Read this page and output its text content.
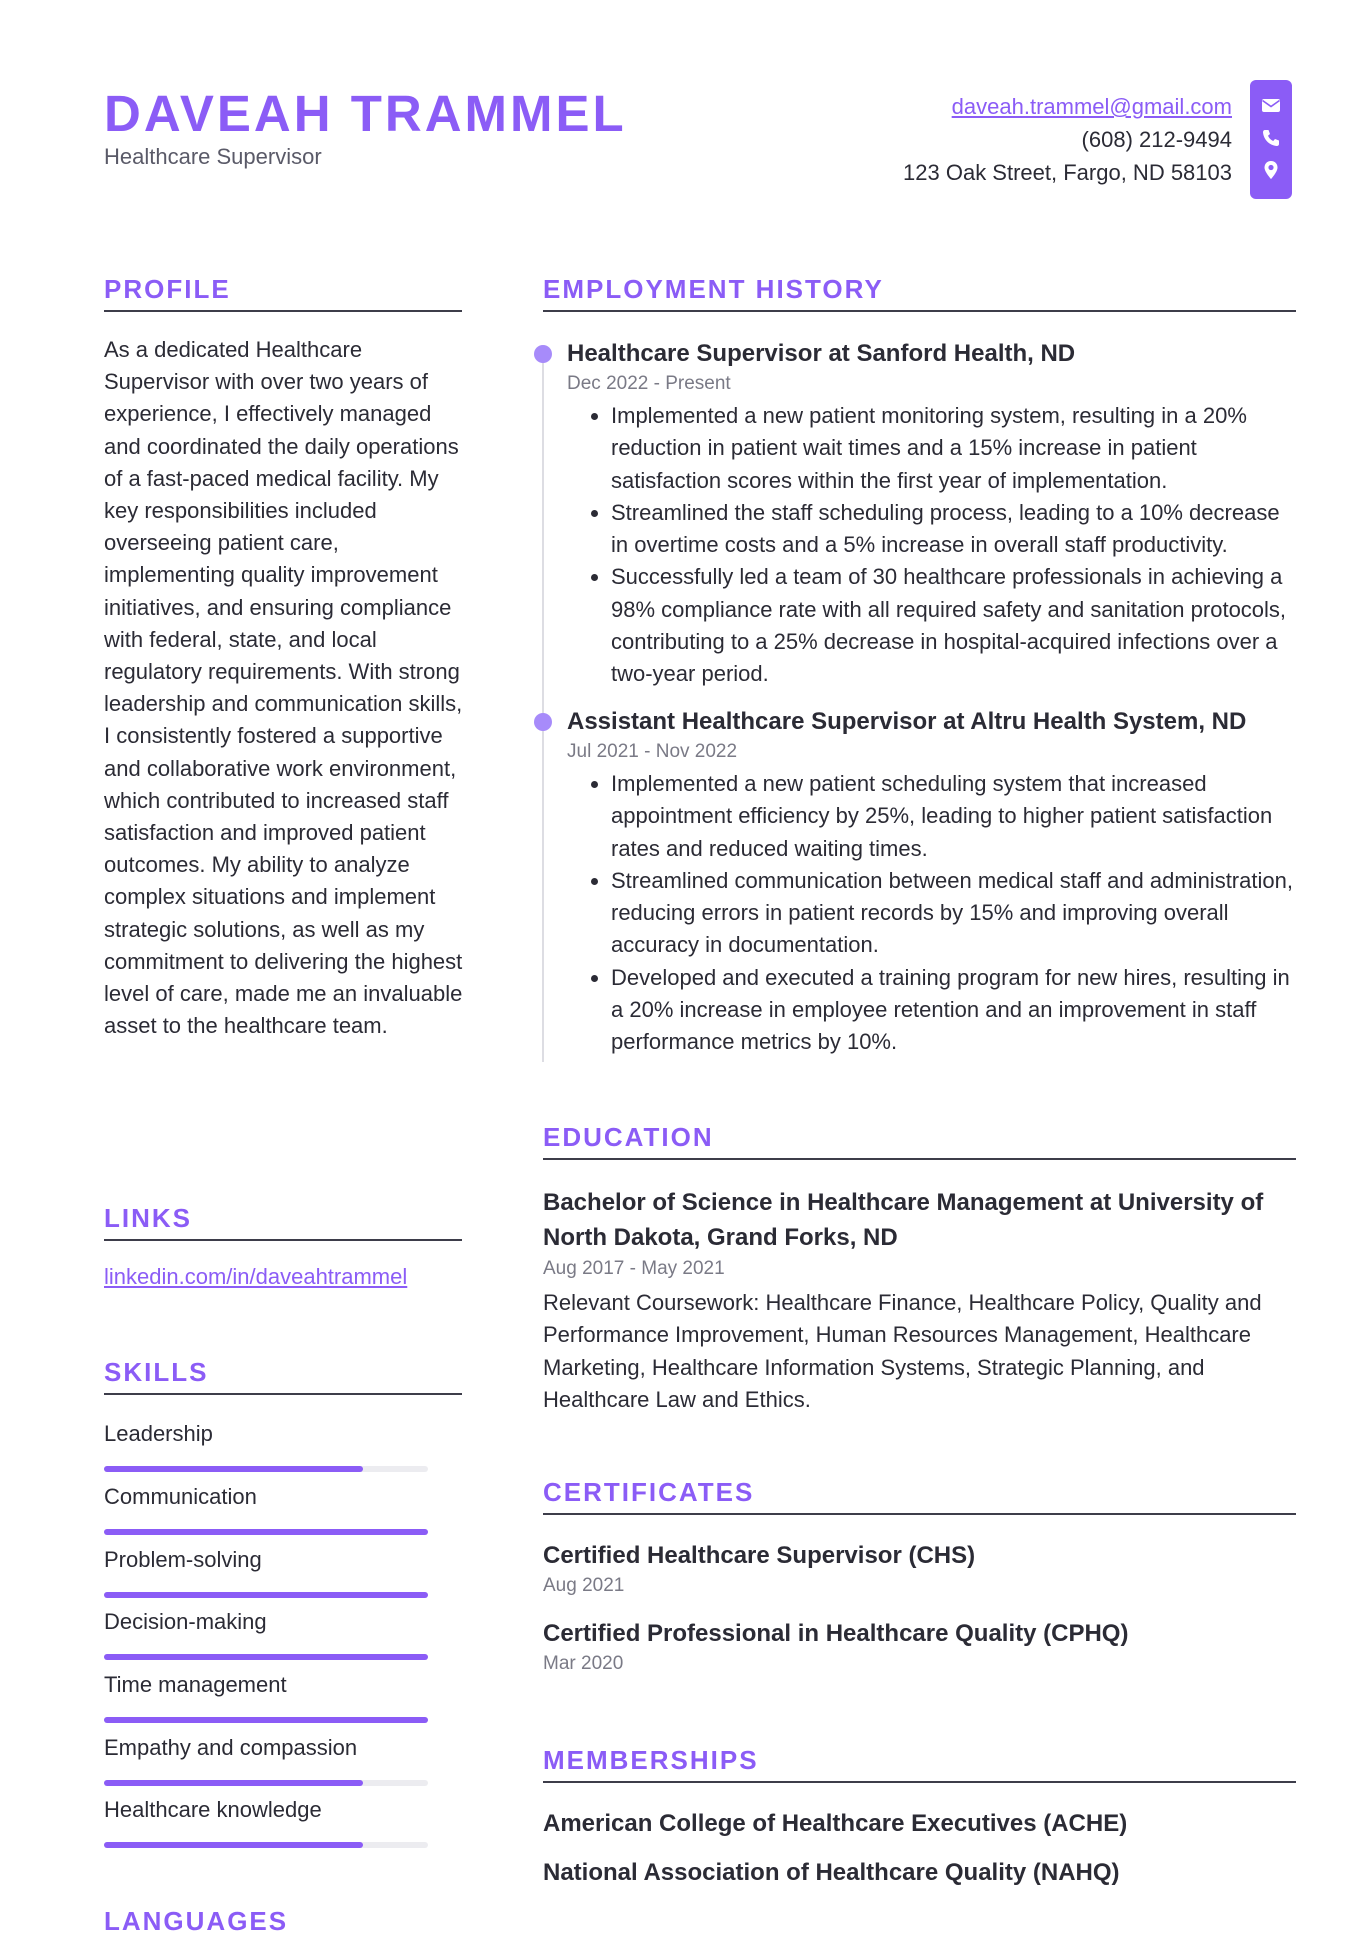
DAVEAH TRAMMEL
Healthcare Supervisor
daveah.trammel@gmail.com
(608) 212-9494
123 Oak Street, Fargo, ND 58103
PROFILE
As a dedicated Healthcare Supervisor with over two years of experience, I effectively managed and coordinated the daily operations of a fast-paced medical facility. My key responsibilities included overseeing patient care, implementing quality improvement initiatives, and ensuring compliance with federal, state, and local regulatory requirements. With strong leadership and communication skills, I consistently fostered a supportive and collaborative work environment, which contributed to increased staff satisfaction and improved patient outcomes. My ability to analyze complex situations and implement strategic solutions, as well as my commitment to delivering the highest level of care, made me an invaluable asset to the healthcare team.
LINKS
linkedin.com/in/daveahtrammel
SKILLS
Leadership
Communication
Problem-solving
Decision-making
Time management
Empathy and compassion
Healthcare knowledge
LANGUAGES
EMPLOYMENT HISTORY
Healthcare Supervisor at Sanford Health, ND
Dec 2022 - Present
• Implemented a new patient monitoring system, resulting in a 20% reduction in patient wait times and a 15% increase in patient satisfaction scores within the first year of implementation.
• Streamlined the staff scheduling process, leading to a 10% decrease in overtime costs and a 5% increase in overall staff productivity.
• Successfully led a team of 30 healthcare professionals in achieving a 98% compliance rate with all required safety and sanitation protocols, contributing to a 25% decrease in hospital-acquired infections over a two-year period.
Assistant Healthcare Supervisor at Altru Health System, ND
Jul 2021 - Nov 2022
• Implemented a new patient scheduling system that increased appointment efficiency by 25%, leading to higher patient satisfaction rates and reduced waiting times.
• Streamlined communication between medical staff and administration, reducing errors in patient records by 15% and improving overall accuracy in documentation.
• Developed and executed a training program for new hires, resulting in a 20% increase in employee retention and an improvement in staff performance metrics by 10%.
EDUCATION
Bachelor of Science in Healthcare Management at University of North Dakota, Grand Forks, ND
Aug 2017 - May 2021
Relevant Coursework: Healthcare Finance, Healthcare Policy, Quality and Performance Improvement, Human Resources Management, Healthcare Marketing, Healthcare Information Systems, Strategic Planning, and Healthcare Law and Ethics.
CERTIFICATES
Certified Healthcare Supervisor (CHS)
Aug 2021
Certified Professional in Healthcare Quality (CPHQ)
Mar 2020
MEMBERSHIPS
American College of Healthcare Executives (ACHE)
National Association of Healthcare Quality (NAHQ)
